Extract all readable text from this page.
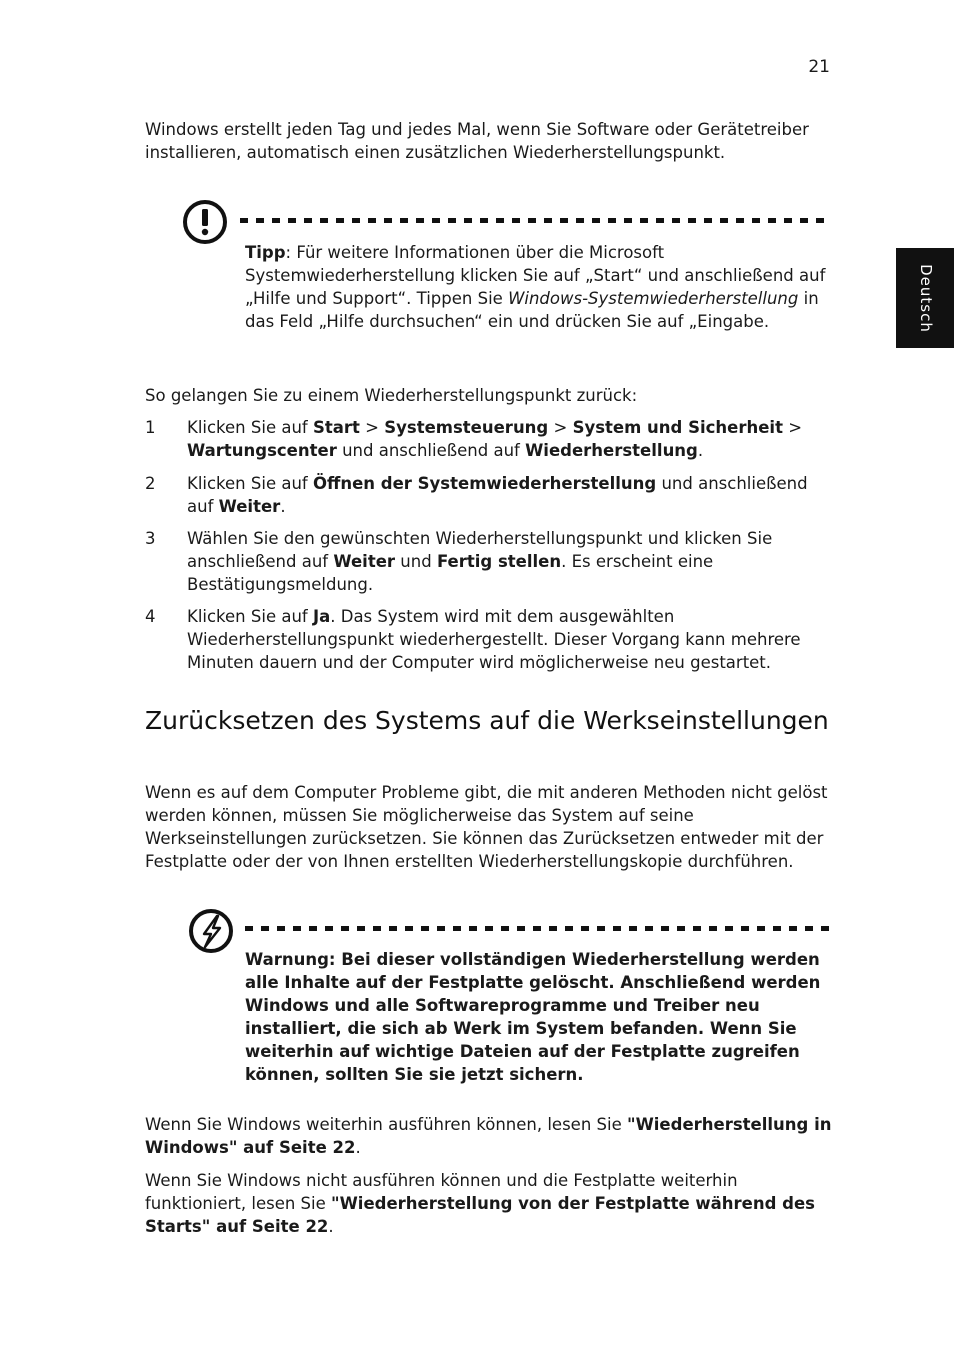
21
Deutsch

Windows erstellt jeden Tag und jedes Mal, wenn Sie Software oder Gerätetreiber installieren, automatisch einen zusätzlichen Wiederherstellungspunkt.

Tipp: Für weitere Informationen über die Microsoft Systemwiederherstellung klicken Sie auf „Start“ und anschließend auf „Hilfe und Support“. Tippen Sie Windows-Systemwiederherstellung in das Feld „Hilfe durchsuchen“ ein und drücken Sie auf „Eingabe.

So gelangen Sie zu einem Wiederherstellungspunkt zurück:

1	Klicken Sie auf Start > Systemsteuerung > System und Sicherheit > Wartungscenter und anschließend auf Wiederherstellung.

2	Klicken Sie auf Öffnen der Systemwiederherstellung und anschließend auf Weiter.

3	Wählen Sie den gewünschten Wiederherstellungspunkt und klicken Sie anschließend auf Weiter und Fertig stellen. Es erscheint eine Bestätigungsmeldung.

4	Klicken Sie auf Ja. Das System wird mit dem ausgewählten Wiederherstellungspunkt wiederhergestellt. Dieser Vorgang kann mehrere Minuten dauern und der Computer wird möglicherweise neu gestartet.

Zurücksetzen des Systems auf die Werkseinstellungen

Wenn es auf dem Computer Probleme gibt, die mit anderen Methoden nicht gelöst werden können, müssen Sie möglicherweise das System auf seine Werkseinstellungen zurücksetzen. Sie können das Zurücksetzen entweder mit der Festplatte oder der von Ihnen erstellten Wiederherstellungskopie durchführen.

Warnung: Bei dieser vollständigen Wiederherstellung werden alle Inhalte auf der Festplatte gelöscht. Anschließend werden Windows und alle Softwareprogramme und Treiber neu installiert, die sich ab Werk im System befanden. Wenn Sie weiterhin auf wichtige Dateien auf der Festplatte zugreifen können, sollten Sie sie jetzt sichern.

Wenn Sie Windows weiterhin ausführen können, lesen Sie "Wiederherstellung in Windows" auf Seite 22.

Wenn Sie Windows nicht ausführen können und die Festplatte weiterhin funktioniert, lesen Sie "Wiederherstellung von der Festplatte während des Starts" auf Seite 22.
